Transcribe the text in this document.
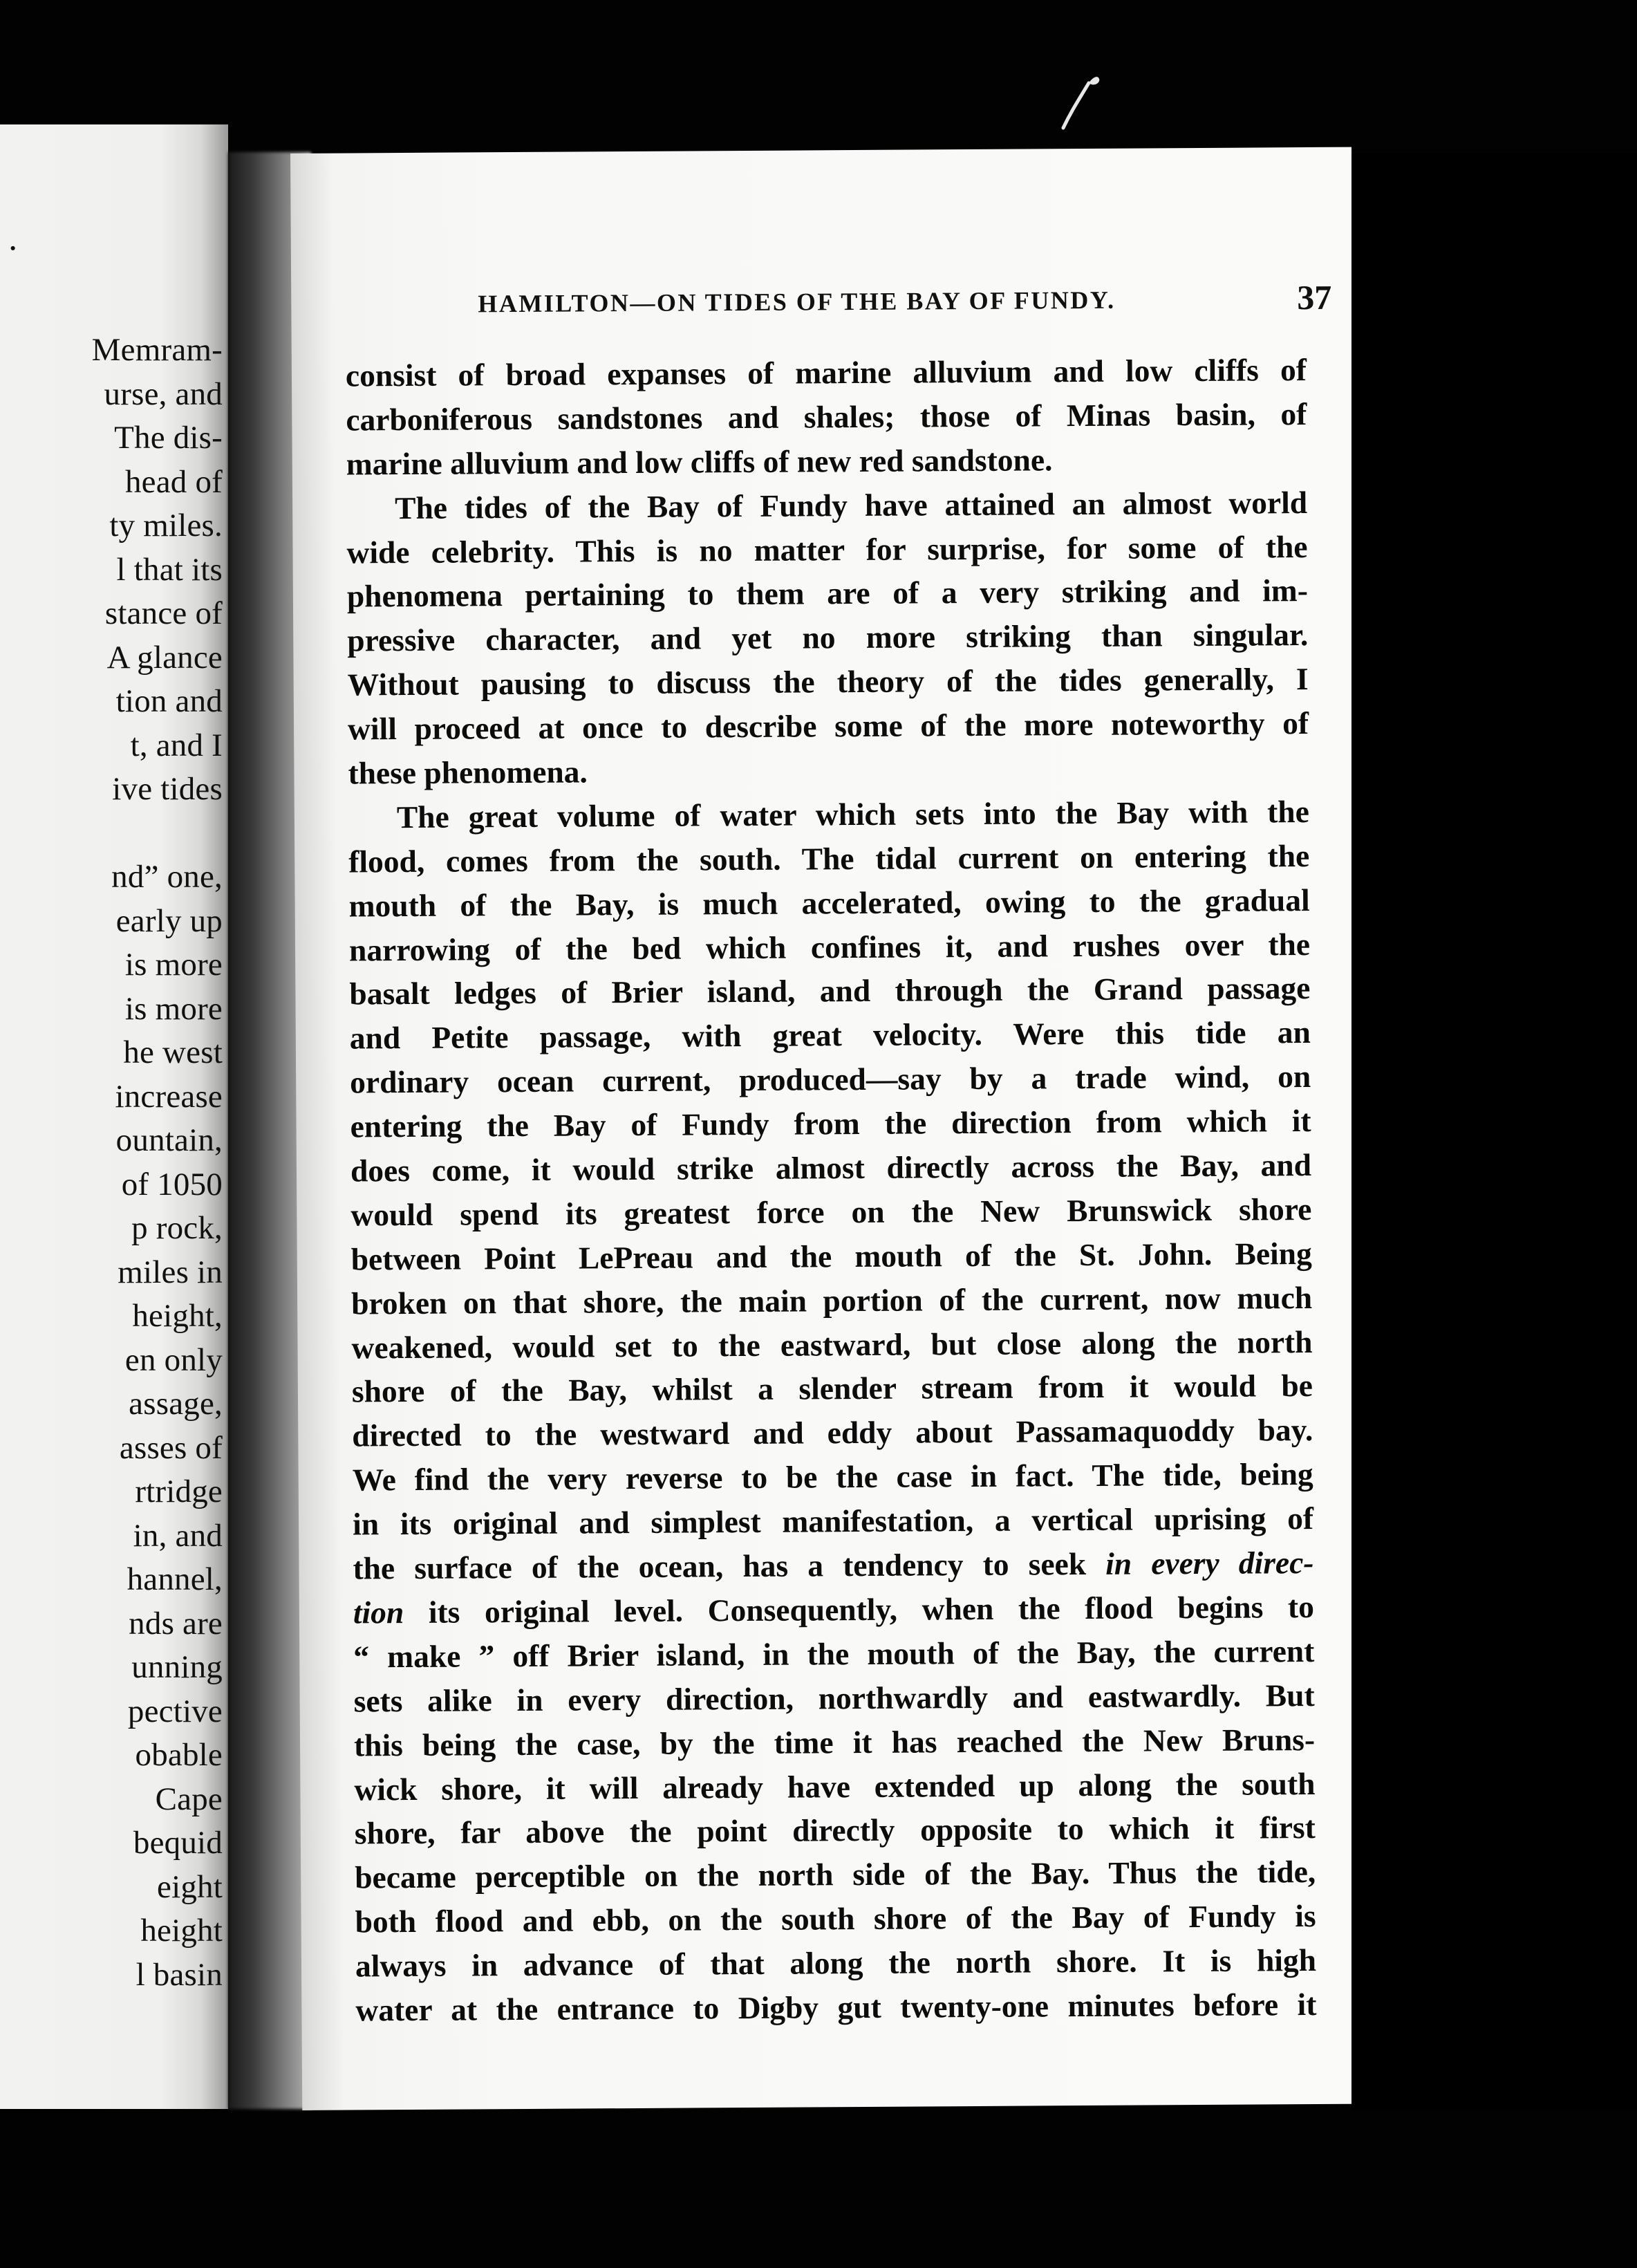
·
Memram-
urse, and
The dis-
head of
ty miles.
l that its
stance of
A glance
tion and
t, and I
ive tides
nd” one,
early up
is more
is more
he west
increase
ountain,
of 1050
p rock,
miles in
height,
en only
assage,
asses of
rtridge
in, and
hannel,
nds are
unning
pective
obable
Cape
bequid
eight
height
l basin
HAMILTON—ON TIDES OF THE BAY OF FUNDY.	37
consist of broad expanses of marine alluvium and low cliffs of
carboniferous sandstones and shales; those of Minas basin, of
marine alluvium and low cliffs of new red sandstone.
The tides of the Bay of Fundy have attained an almost world
wide celebrity. This is no matter for surprise, for some of the
phenomena pertaining to them are of a very striking and im-
pressive character, and yet no more striking than singular.
Without pausing to discuss the theory of the tides generally, I
will proceed at once to describe some of the more noteworthy of
these phenomena.
The great volume of water which sets into the Bay with the
flood, comes from the south. The tidal current on entering the
mouth of the Bay, is much accelerated, owing to the gradual
narrowing of the bed which confines it, and rushes over the
basalt ledges of Brier island, and through the Grand passage
and Petite passage, with great velocity. Were this tide an
ordinary ocean current, produced—say by a trade wind, on
entering the Bay of Fundy from the direction from which it
does come, it would strike almost directly across the Bay, and
would spend its greatest force on the New Brunswick shore
between Point LePreau and the mouth of the St. John. Being
broken on that shore, the main portion of the current, now much
weakened, would set to the eastward, but close along the north
shore of the Bay, whilst a slender stream from it would be
directed to the westward and eddy about Passamaquoddy bay.
We find the very reverse to be the case in fact. The tide, being
in its original and simplest manifestation, a vertical uprising of
the surface of the ocean, has a tendency to seek in every direc-
tion its original level. Consequently, when the flood begins to
“ make ” off Brier island, in the mouth of the Bay, the current
sets alike in every direction, northwardly and eastwardly. But
this being the case, by the time it has reached the New Bruns-
wick shore, it will already have extended up along the south
shore, far above the point directly opposite to which it first
became perceptible on the north side of the Bay. Thus the tide,
both flood and ebb, on the south shore of the Bay of Fundy is
always in advance of that along the north shore. It is high
water at the entrance to Digby gut twenty-one minutes before it
